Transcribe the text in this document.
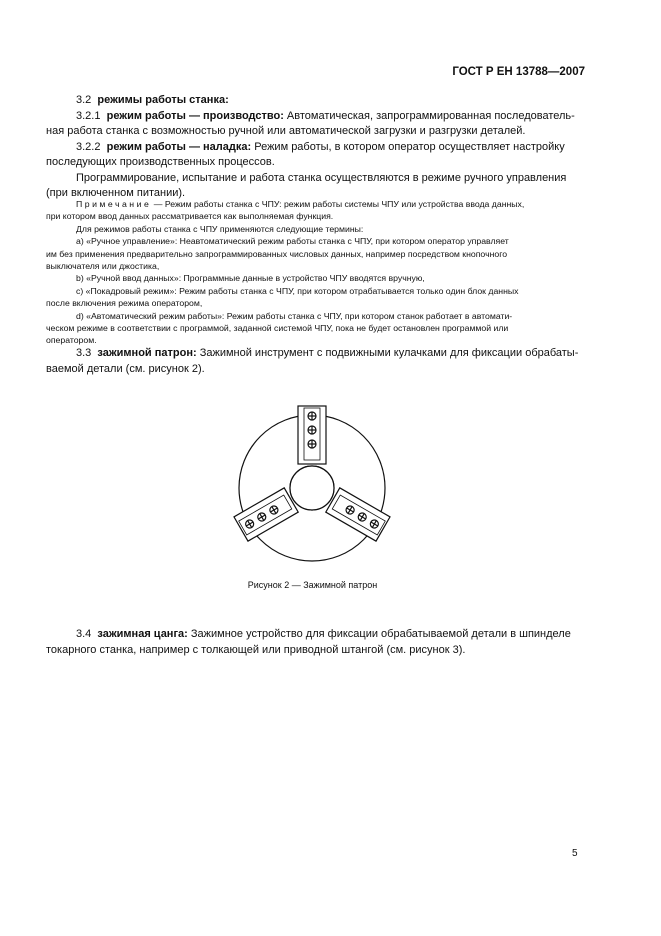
ГОСТ Р ЕН 13788—2007

3.2 режимы работы станка:

3.2.1 режим работы — производство: Автоматическая, запрограммированная последователь-

ная работа станка с возможностью ручной или автоматической загрузки и разгрузки деталей.

3.2.2 режим работы — наладка: Режим работы, в котором оператор осуществляет настройку

последующих производственных процессов.

Программирование, испытание и работа станка осуществляются в режиме ручного управления

(при включенном питании).

Примечание — Режим работы станка с ЧПУ: режим работы системы ЧПУ или устройства ввода данных,

при котором ввод данных рассматривается как выполняемая функция.

Для режимов работы станка с ЧПУ применяются следующие термины:

а) «Ручное управление»: Неавтоматический режим работы станка с ЧПУ, при котором оператор управляет

им без применения предварительно запрограммированных числовых данных, например посредством кнопочного

выключателя или джостика,

b) «Ручной ввод данных»: Программные данные в устройство ЧПУ вводятся вручную,

c) «Покадровый режим»: Режим работы станка с ЧПУ, при котором отрабатывается только один блок данных

после включения режима оператором,

d) «Автоматический режим работы»: Режим работы станка с ЧПУ, при котором станок работает в автомати-

ческом режиме в соответствии с программой, заданной системой ЧПУ, пока не будет остановлен программой или

оператором.

3.3 зажимной патрон: Зажимной инструмент с подвижными кулачками для фиксации обрабаты-

ваемой детали (см. рисунок 2).

Рисунок 2 — Зажимной патрон

3.4 зажимная цанга: Зажимное устройство для фиксации обрабатываемой детали в шпинделе

токарного станка, например с толкающей или приводной штангой (см. рисунок 3).

5
